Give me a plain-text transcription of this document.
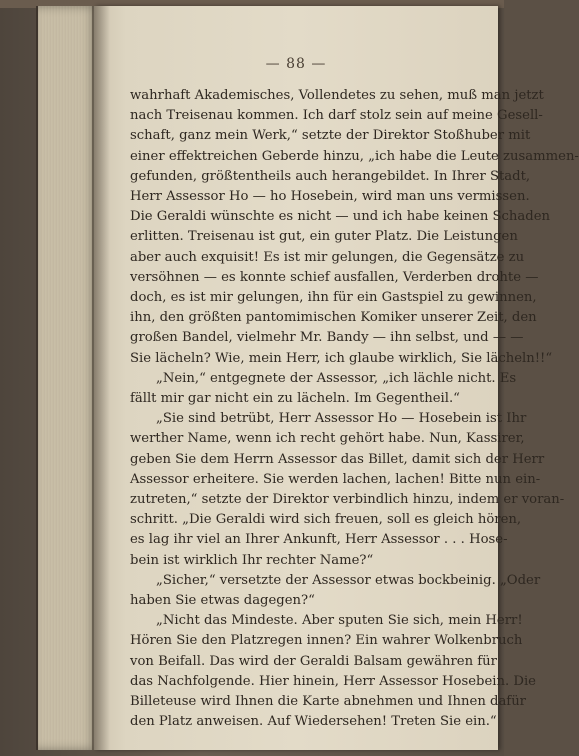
— 88 —
wahrhaft Akademisches, Vollendetes zu sehen, muß man jetzt
nach Treisenau kommen. Ich darf stolz sein auf meine Gesell-
schaft, ganz mein Werk,“ setzte der Direktor Stoßhuber mit
einer effektreichen Geberde hinzu, „ich habe die Leute zusammen-
gefunden, größtentheils auch herangebildet. In Ihrer Stadt,
Herr Assessor Ho — ho Hosebein, wird man uns vermissen.
Die Geraldi wünschte es nicht — und ich habe keinen Schaden
erlitten. Treisenau ist gut, ein guter Platz. Die Leistungen
aber auch exquisit! Es ist mir gelungen, die Gegensätze zu
versöhnen — es konnte schief ausfallen, Verderben drohte —
doch, es ist mir gelungen, ihn für ein Gastspiel zu gewinnen,
ihn, den größten pantomimischen Komiker unserer Zeit, den
großen Bandel, vielmehr Mr. Bandy — ihn selbst, und — —
Sie lächeln? Wie, mein Herr, ich glaube wirklich, Sie lächeln!!“
„Nein,“ entgegnete der Assessor, „ich lächle nicht. Es
fällt mir gar nicht ein zu lächeln. Im Gegentheil.“
„Sie sind betrübt, Herr Assessor Ho — Hosebein ist Ihr
werther Name, wenn ich recht gehört habe. Nun, Kassirer,
geben Sie dem Herrn Assessor das Billet, damit sich der Herr
Assessor erheitere. Sie werden lachen, lachen! Bitte nun ein-
zutreten,“ setzte der Direktor verbindlich hinzu, indem er voran-
schritt. „Die Geraldi wird sich freuen, soll es gleich hören,
es lag ihr viel an Ihrer Ankunft, Herr Assessor . . . Hose-
bein ist wirklich Ihr rechter Name?“
„Sicher,“ versetzte der Assessor etwas bockbeinig. „Oder
haben Sie etwas dagegen?“
„Nicht das Mindeste. Aber sputen Sie sich, mein Herr!
Hören Sie den Platzregen innen? Ein wahrer Wolkenbruch
von Beifall. Das wird der Geraldi Balsam gewähren für
das Nachfolgende. Hier hinein, Herr Assessor Hosebein. Die
Billeteuse wird Ihnen die Karte abnehmen und Ihnen dafür
den Platz anweisen. Auf Wiedersehen! Treten Sie ein.“
